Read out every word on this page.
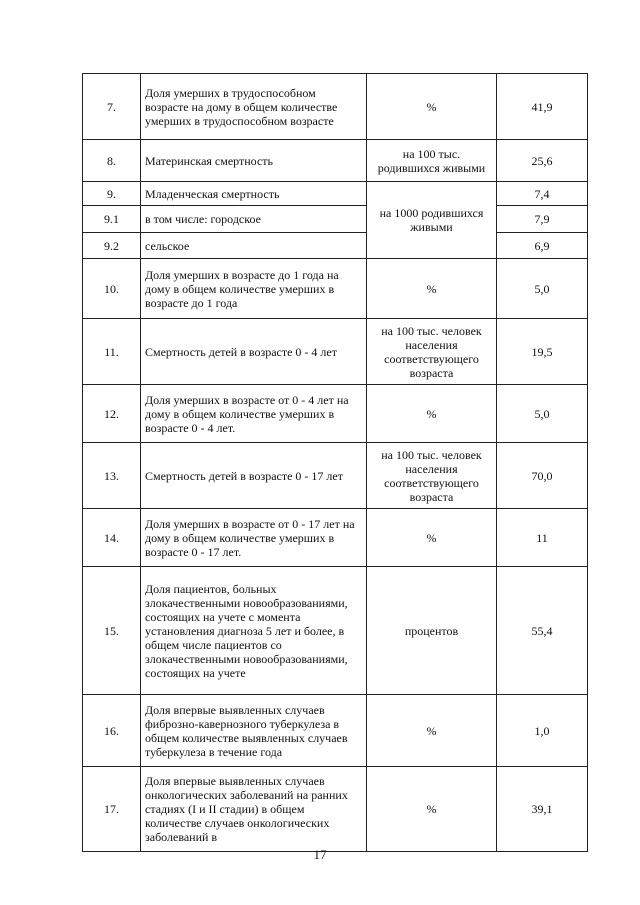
7.	Доля умерших в трудоспособном возрасте на дому в общем количестве умерших в трудоспособном возрасте	%	41,9
8.	Материнская смертность	на 100 тыс. родившихся живыми	25,6
9.	Младенческая смертность	на 1000 родившихся живыми	7,4
9.1	в том числе: городское		7,9
9.2	сельское		6,9
10.	Доля умерших в возрасте до 1 года на дому в общем количестве умерших в возрасте до 1 года	%	5,0
11.	Смертность детей в возрасте 0 - 4 лет	на 100 тыс. человек населения соответствующего возраста	19,5
12.	Доля умерших в возрасте от 0 - 4 лет на дому в общем количестве умерших в возрасте 0 - 4 лет.	%	5,0
13.	Смертность детей в возрасте 0 - 17 лет	на 100 тыс. человек населения соответствующего возраста	70,0
14.	Доля умерших в возрасте от 0 - 17 лет на дому в общем количестве умерших в возрасте 0 - 17 лет.	%	11
15.	Доля пациентов, больных злокачественными новообразованиями, состоящих на учете с момента установления диагноза 5 лет и более, в общем числе пациентов со злокачественными новообразованиями, состоящих на учете	процентов	55,4
16.	Доля впервые выявленных случаев фиброзно-кавернозного туберкулеза в общем количестве выявленных случаев туберкулеза в течение года	%	1,0
17.	Доля впервые выявленных случаев онкологических заболеваний на ранних стадиях (I и II стадии) в общем количестве случаев онкологических заболеваний в	%	39,1
17
